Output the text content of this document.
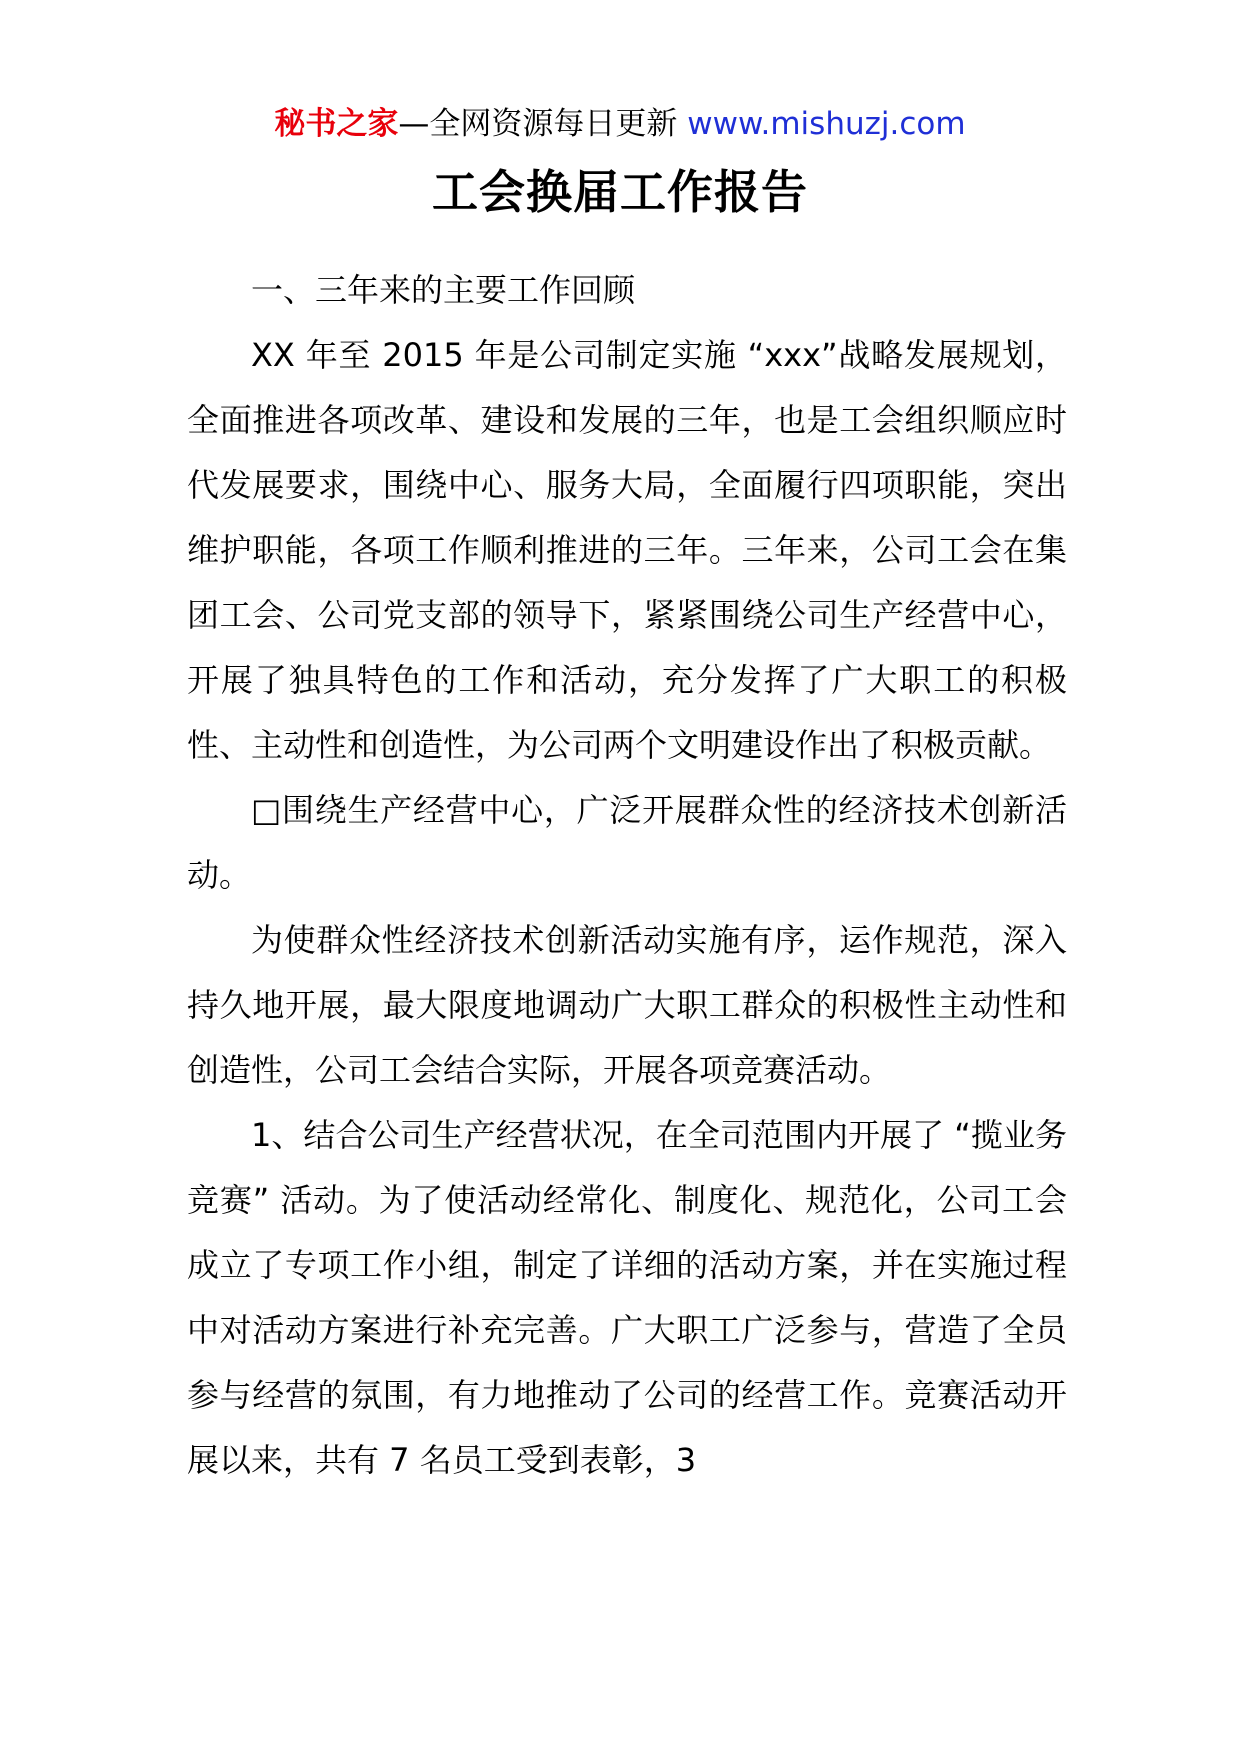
秘书之家—全网资源每日更新 www.mishuzj.com
工会换届工作报告

一、三年来的主要工作回顾

XX 年至 2015 年是公司制定实施 “xxx”战略发展规划，全面推进各项改革、建设和发展的三年，也是工会组织顺应时代发展要求，围绕中心、服务大局，全面履行四项职能，突出维护职能，各项工作顺利推进的三年。三年来，公司工会在集团工会、公司党支部的领导下，紧紧围绕公司生产经营中心，开展了独具特色的工作和活动，充分发挥了广大职工的积极性、主动性和创造性，为公司两个文明建设作出了积极贡献。

□围绕生产经营中心，广泛开展群众性的经济技术创新活动。

为使群众性经济技术创新活动实施有序，运作规范，深入持久地开展，最大限度地调动广大职工群众的积极性主动性和创造性，公司工会结合实际，开展各项竞赛活动。

1、结合公司生产经营状况，在全司范围内开展了 “揽业务竞赛” 活动。为了使活动经常化、制度化、规范化，公司工会成立了专项工作小组，制定了详细的活动方案，并在实施过程中对活动方案进行补充完善。广大职工广泛参与，营造了全员参与经营的氛围，有力地推动了公司的经营工作。竞赛活动开展以来，共有 7 名员工受到表彰，3
